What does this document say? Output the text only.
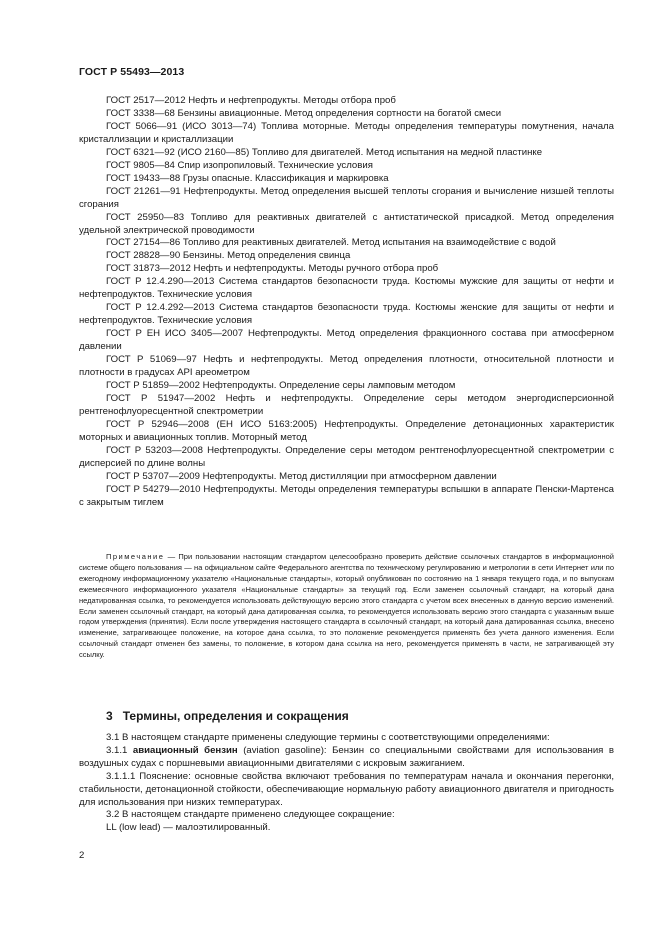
ГОСТ Р 55493—2013
ГОСТ 2517—2012 Нефть и нефтепродукты. Методы отбора проб
ГОСТ 3338—68 Бензины авиационные. Метод определения сортности на богатой смеси
ГОСТ 5066—91 (ИСО 3013—74) Топлива моторные. Методы определения температуры помутнения, начала кристаллизации и кристаллизации
ГОСТ 6321—92 (ИСО 2160—85) Топливо для двигателей. Метод испытания на медной пластинке
ГОСТ 9805—84 Спир изопропиловый. Технические условия
ГОСТ 19433—88 Грузы опасные. Классификация и маркировка
ГОСТ 21261—91 Нефтепродукты. Метод определения высшей теплоты сгорания и вычисление низшей теплоты сгорания
ГОСТ 25950—83 Топливо для реактивных двигателей с антистатической присадкой. Метод определения удельной электрической проводимости
ГОСТ 27154—86 Топливо для реактивных двигателей. Метод испытания на взаимодействие с водой
ГОСТ 28828—90 Бензины. Метод определения свинца
ГОСТ 31873—2012 Нефть и нефтепродукты. Методы ручного отбора проб
ГОСТ Р 12.4.290—2013 Система стандартов безопасности труда. Костюмы мужские для защиты от нефти и нефтепродуктов. Технические условия
ГОСТ Р 12.4.292—2013 Система стандартов безопасности труда. Костюмы женские для защиты от нефти и нефтепродуктов. Технические условия
ГОСТ Р ЕН ИСО 3405—2007 Нефтепродукты. Метод определения фракционного состава при атмосферном давлении
ГОСТ Р 51069—97 Нефть и нефтепродукты. Метод определения плотности, относительной плотности и плотности в градусах API ареометром
ГОСТ Р 51859—2002 Нефтепродукты. Определение серы ламповым методом
ГОСТ Р 51947—2002 Нефть и нефтепродукты. Определение серы методом энергодисперсионной рентгенофлуоресцентной спектрометрии
ГОСТ Р 52946—2008 (ЕН ИСО 5163:2005) Нефтепродукты. Определение детонационных характеристик моторных и авиационных топлив. Моторный метод
ГОСТ Р 53203—2008 Нефтепродукты. Определение серы методом рентгенофлуоресцентной спектрометрии с дисперсией по длине волны
ГОСТ Р 53707—2009 Нефтепродукты. Метод дистилляции при атмосферном давлении
ГОСТ Р 54279—2010 Нефтепродукты. Методы определения температуры вспышки в аппарате Пенски-Мартенса с закрытым тиглем
Примечание — При пользовании настоящим стандартом целесообразно проверить действие ссылочных стандартов в информационной системе общего пользования — на официальном сайте Федерального агентства по техническому регулированию и метрологии в сети Интернет или по ежегодному информационному указателю «Национальные стандарты», который опубликован по состоянию на 1 января текущего года, и по выпускам ежемесячного информационного указателя «Национальные стандарты» за текущий год. Если заменен ссылочный стандарт, на который дана недатированная ссылка, то рекомендуется использовать действующую версию этого стандарта с учетом всех внесенных в данную версию изменений. Если заменен ссылочный стандарт, на который дана датированная ссылка, то рекомендуется использовать версию этого стандарта с указанным выше годом утверждения (принятия). Если после утверждения настоящего стандарта в ссылочный стандарт, на который дана датированная ссылка, внесено изменение, затрагивающее положение, на которое дана ссылка, то это положение рекомендуется применять без учета данного изменения. Если ссылочный стандарт отменен без замены, то положение, в котором дана ссылка на него, рекомендуется применять в части, не затрагивающей эту ссылку.
3 Термины, определения и сокращения
3.1 В настоящем стандарте применены следующие термины с соответствующими определениями:
3.1.1 авиационный бензин (aviation gasoline): Бензин со специальными свойствами для использования в воздушных судах с поршневыми авиационными двигателями с искровым зажиганием.
3.1.1.1 Пояснение: основные свойства включают требования по температурам начала и окончания перегонки, стабильности, детонационной стойкости, обеспечивающие нормальную работу авиационного двигателя и пригодность для использования при низких температурах.
3.2 В настоящем стандарте применено следующее сокращение:
LL (low lead) — малоэтилированный.
2
